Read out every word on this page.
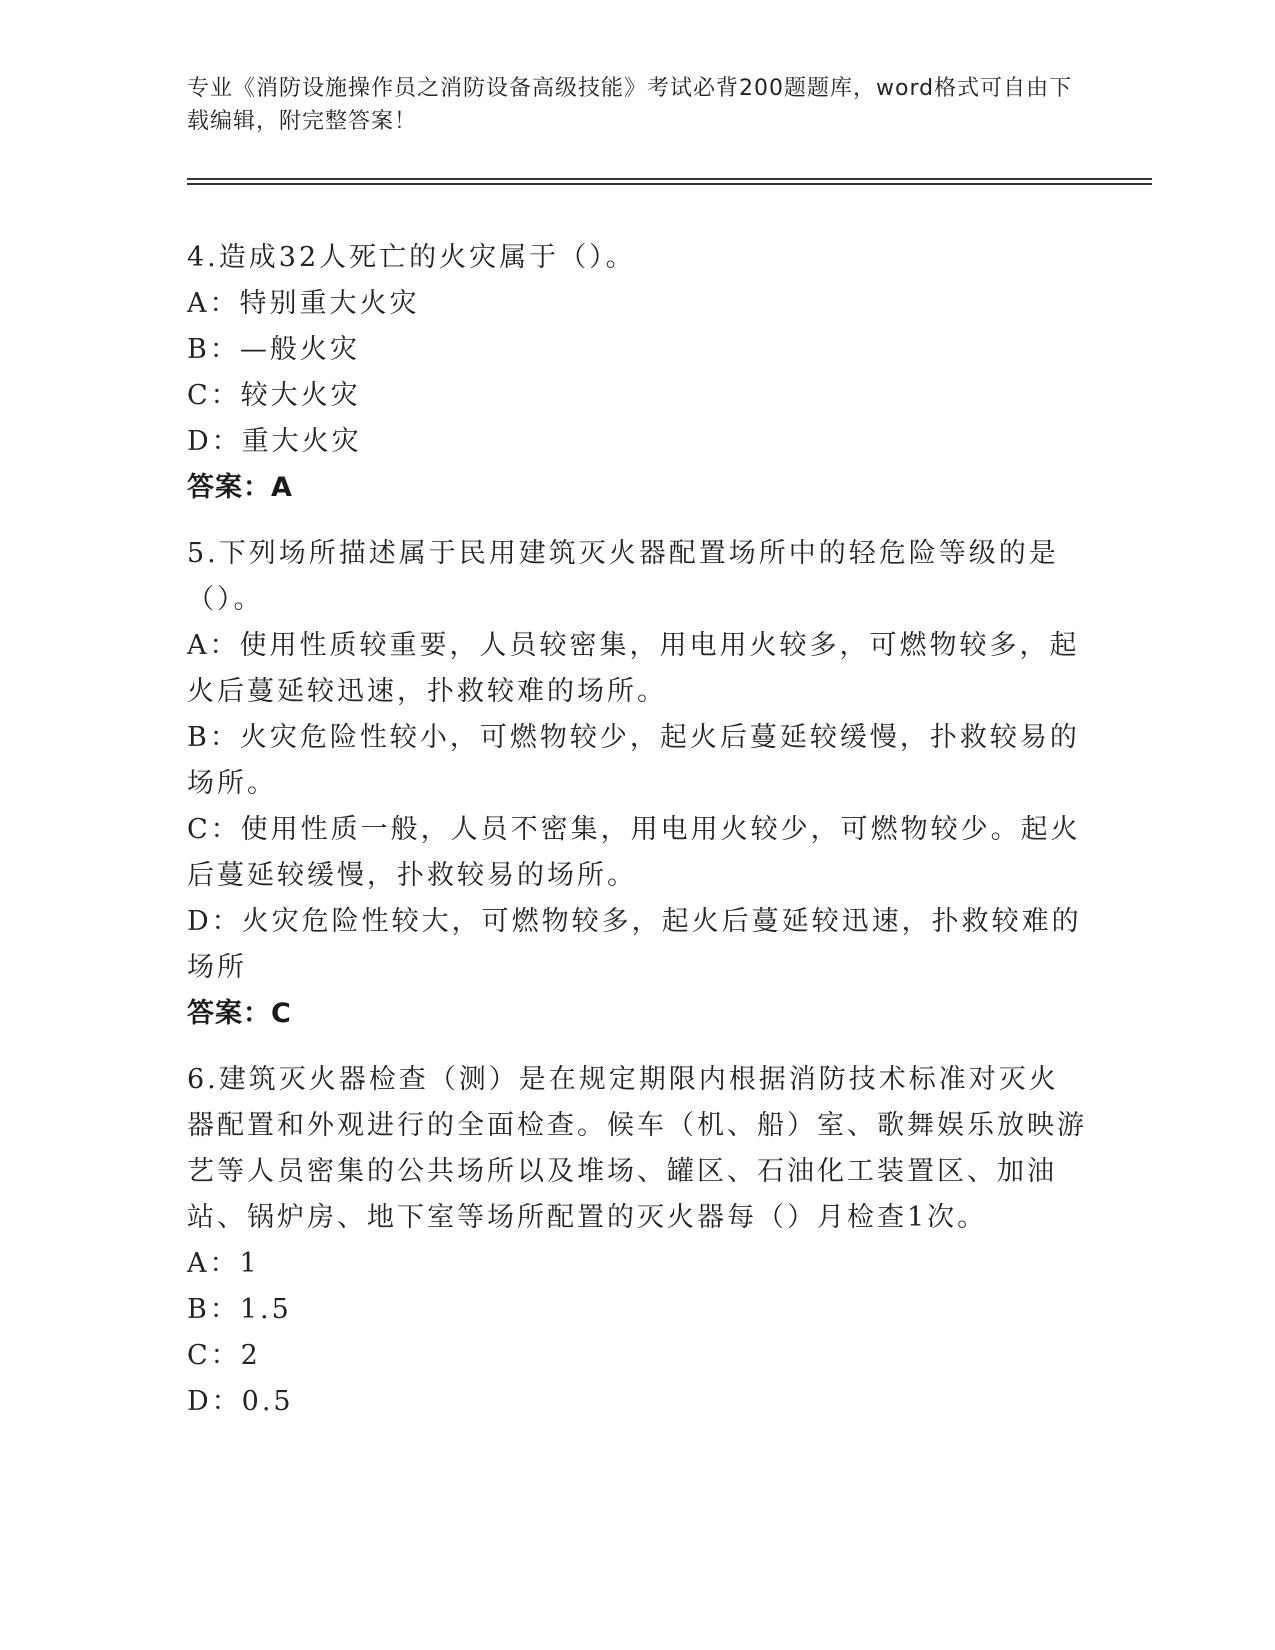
专业《消防设施操作员之消防设备高级技能》考试必背200题题库，word格式可自由下载编辑，附完整答案！
4.造成32人死亡的火灾属于（）。
A：特别重大火灾
B：—般火灾
C：较大火灾
D：重大火灾
答案：A
5.下列场所描述属于民用建筑灭火器配置场所中的轻危险等级的是（）。
A：使用性质较重要，人员较密集，用电用火较多，可燃物较多，起火后蔓延较迅速，扑救较难的场所。
B：火灾危险性较小，可燃物较少，起火后蔓延较缓慢，扑救较易的场所。
C：使用性质一般，人员不密集，用电用火较少，可燃物较少。起火后蔓延较缓慢，扑救较易的场所。
D：火灾危险性较大，可燃物较多，起火后蔓延较迅速，扑救较难的场所
答案：C
6.建筑灭火器检查（测）是在规定期限内根据消防技术标准对灭火器配置和外观进行的全面检查。候车（机、船）室、歌舞娱乐放映游艺等人员密集的公共场所以及堆场、罐区、石油化工装置区、加油站、锅炉房、地下室等场所配置的灭火器每（）月检查1次。
A：1
B：1.5
C：2
D：0.5
